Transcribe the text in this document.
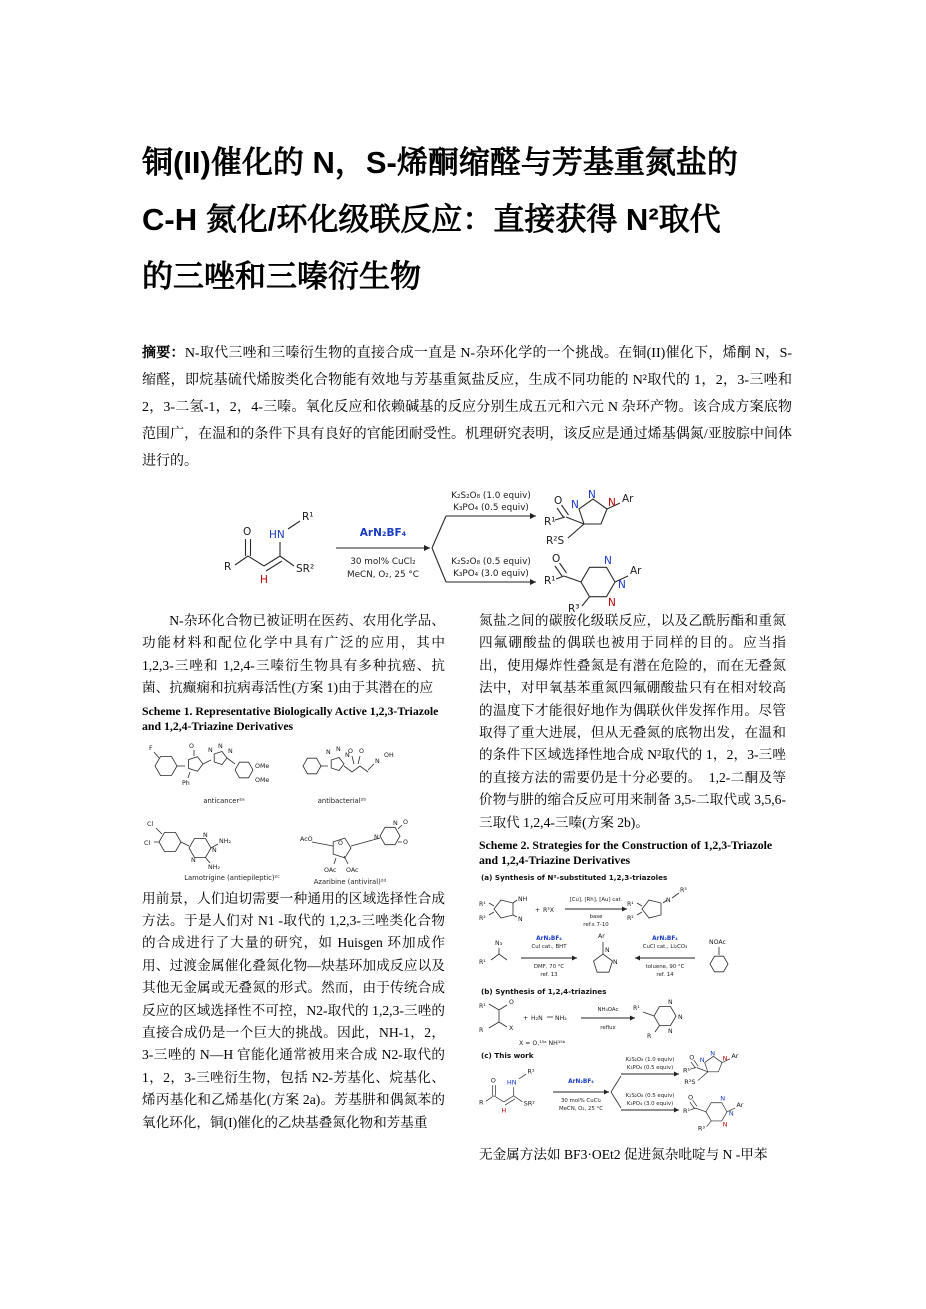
铜(II)催化的 N，S-烯酮缩醛与芳基重氮盐的
C-H 氮化/环化级联反应：直接获得 N²取代
的三唑和三嗪衍生物

摘要：N-取代三唑和三嗪衍生物的直接合成一直是 N-杂环化学的一个挑战。在铜(II)催化下，烯酮 N，S-缩醛，即烷基硫代烯胺类化合物能有效地与芳基重氮盐反应，生成不同功能的 N²取代的 1，2，3-三唑和 2，3-二氢-1，2，4-三嗪。氧化反应和依赖碱基的反应分别生成五元和六元 N 杂环产物。该合成方案底物范围广，在温和的条件下具有良好的官能团耐受性。机理研究表明，该反应是通过烯基偶氮/亚胺腙中间体进行的。

R
O
H
SR²
HN
R¹
ArN₂BF₄
30 mol% CuCl₂
MeCN, O₂, 25 °C
K₂S₂O₈ (1.0 equiv)
K₃PO₄ (0.5 equiv)
K₂S₂O₈ (0.5 equiv)
K₃PO₄ (3.0 equiv)
O
R¹
N
N
N Ar
R²S
O
R¹
N
N
N
Ar
R³

N-杂环化合物已被证明在医药、农用化学品、功能材料和配位化学中具有广泛的应用，其中 1,2,3-三唑和 1,2,4-三嗪衍生物具有多种抗癌、抗菌、抗癫痫和抗病毒活性(方案 1)由于其潜在的应

Scheme 1. Representative Biologically Active 1,2,3-Triazole and 1,2,4-Triazine Derivatives

F	O
N
N
N
Ph
OMe
OMe
anticancer²ᵃ
N N
N
O O
N
OH
antibacterial²ᵇ
Cl
Cl
N
N
N
NH₂
NH₂
Lamotrigine (antiepileptic)²ᶜ
N
N
O
O
O
AcO
OAc OAc
Azaribine (antiviral)²ᵈ

用前景，人们迫切需要一种通用的区域选择性合成方法。于是人们对 N1 -取代的 1,2,3-三唑类化合物的合成进行了大量的研究，如 Huisgen 环加成作用、过渡金属催化叠氮化物—炔基环加成反应以及其他无金属或无叠氮的形式。然而，由于传统合成反应的区域选择性不可控，N2-取代的 1,2,3-三唑的直接合成仍是一个巨大的挑战。因此，NH-1，2，3-三唑的 N—H 官能化通常被用来合成 N2-取代的 1，2，3-三唑衍生物，包括 N2-芳基化、烷基化、烯丙基化和乙烯基化(方案 2a)。芳基肼和偶氮苯的氧化环化，铜(I)催化的乙炔基叠氮化物和芳基重

氮盐之间的碳胺化级联反应，以及乙酰肟酯和重氮四氟硼酸盐的偶联也被用于同样的目的。应当指出，使用爆炸性叠氮是有潜在危险的，而在无叠氮法中，对甲氧基苯重氮四氟硼酸盐只有在相对较高的温度下才能很好地作为偶联伙伴发挥作用。尽管取得了重大进展，但从无叠氮的底物出发，在温和的条件下区域选择性地合成 N²取代的 1，2，3-三唑的直接方法的需要仍是十分必要的。　1,2-二酮及等价物与肼的缩合反应可用来制备 3,5-二取代或 3,5,6-三取代 1,2,4-三嗪(方案 2b)。

Scheme 2. Strategies for the Construction of 1,2,3-Triazole and 1,2,4-Triazine Derivatives

(a) Synthesis of N²-substituted 1,2,3-triazoles
R¹
R²
NH
N
+ R³X
[Cu], [Rh], [Au] cat.
base
ref.s 7-10
R¹
R²
N
R³
R¹
N₃
ArN₂BF₄
CuI cat., BHT
DMF, 70 °C
ref. 13
N
N
Ar	ArN₂BF₄
CuCl cat., Li₂CO₃
toluene, 90 °C
ref. 14
NOAc
(b) Synthesis of 1,2,4-triazines
R¹
O
R	X
+ H₂N NH₂
NH₄OAc
reflux
N
N
N
R¹
R
X = O,¹⁵ᵃ NH¹⁵ᵇ
(c) This work
R
O
H
SR²
HN
R¹
ArN₂BF₄
30 mol% CuCl₂
MeCN, O₂, 25 °C
K₂S₂O₈ (1.0 equiv)
K₃PO₄ (0.5 equiv)
K₂S₂O₈ (0.5 equiv)
K₃PO₄ (3.0 equiv)
O
R¹
N
N
N Ar
R²S
O
R¹
N
N
N
Ar
R³

无金属方法如 BF3·OEt2 促进氮杂吡啶与 N -甲苯
